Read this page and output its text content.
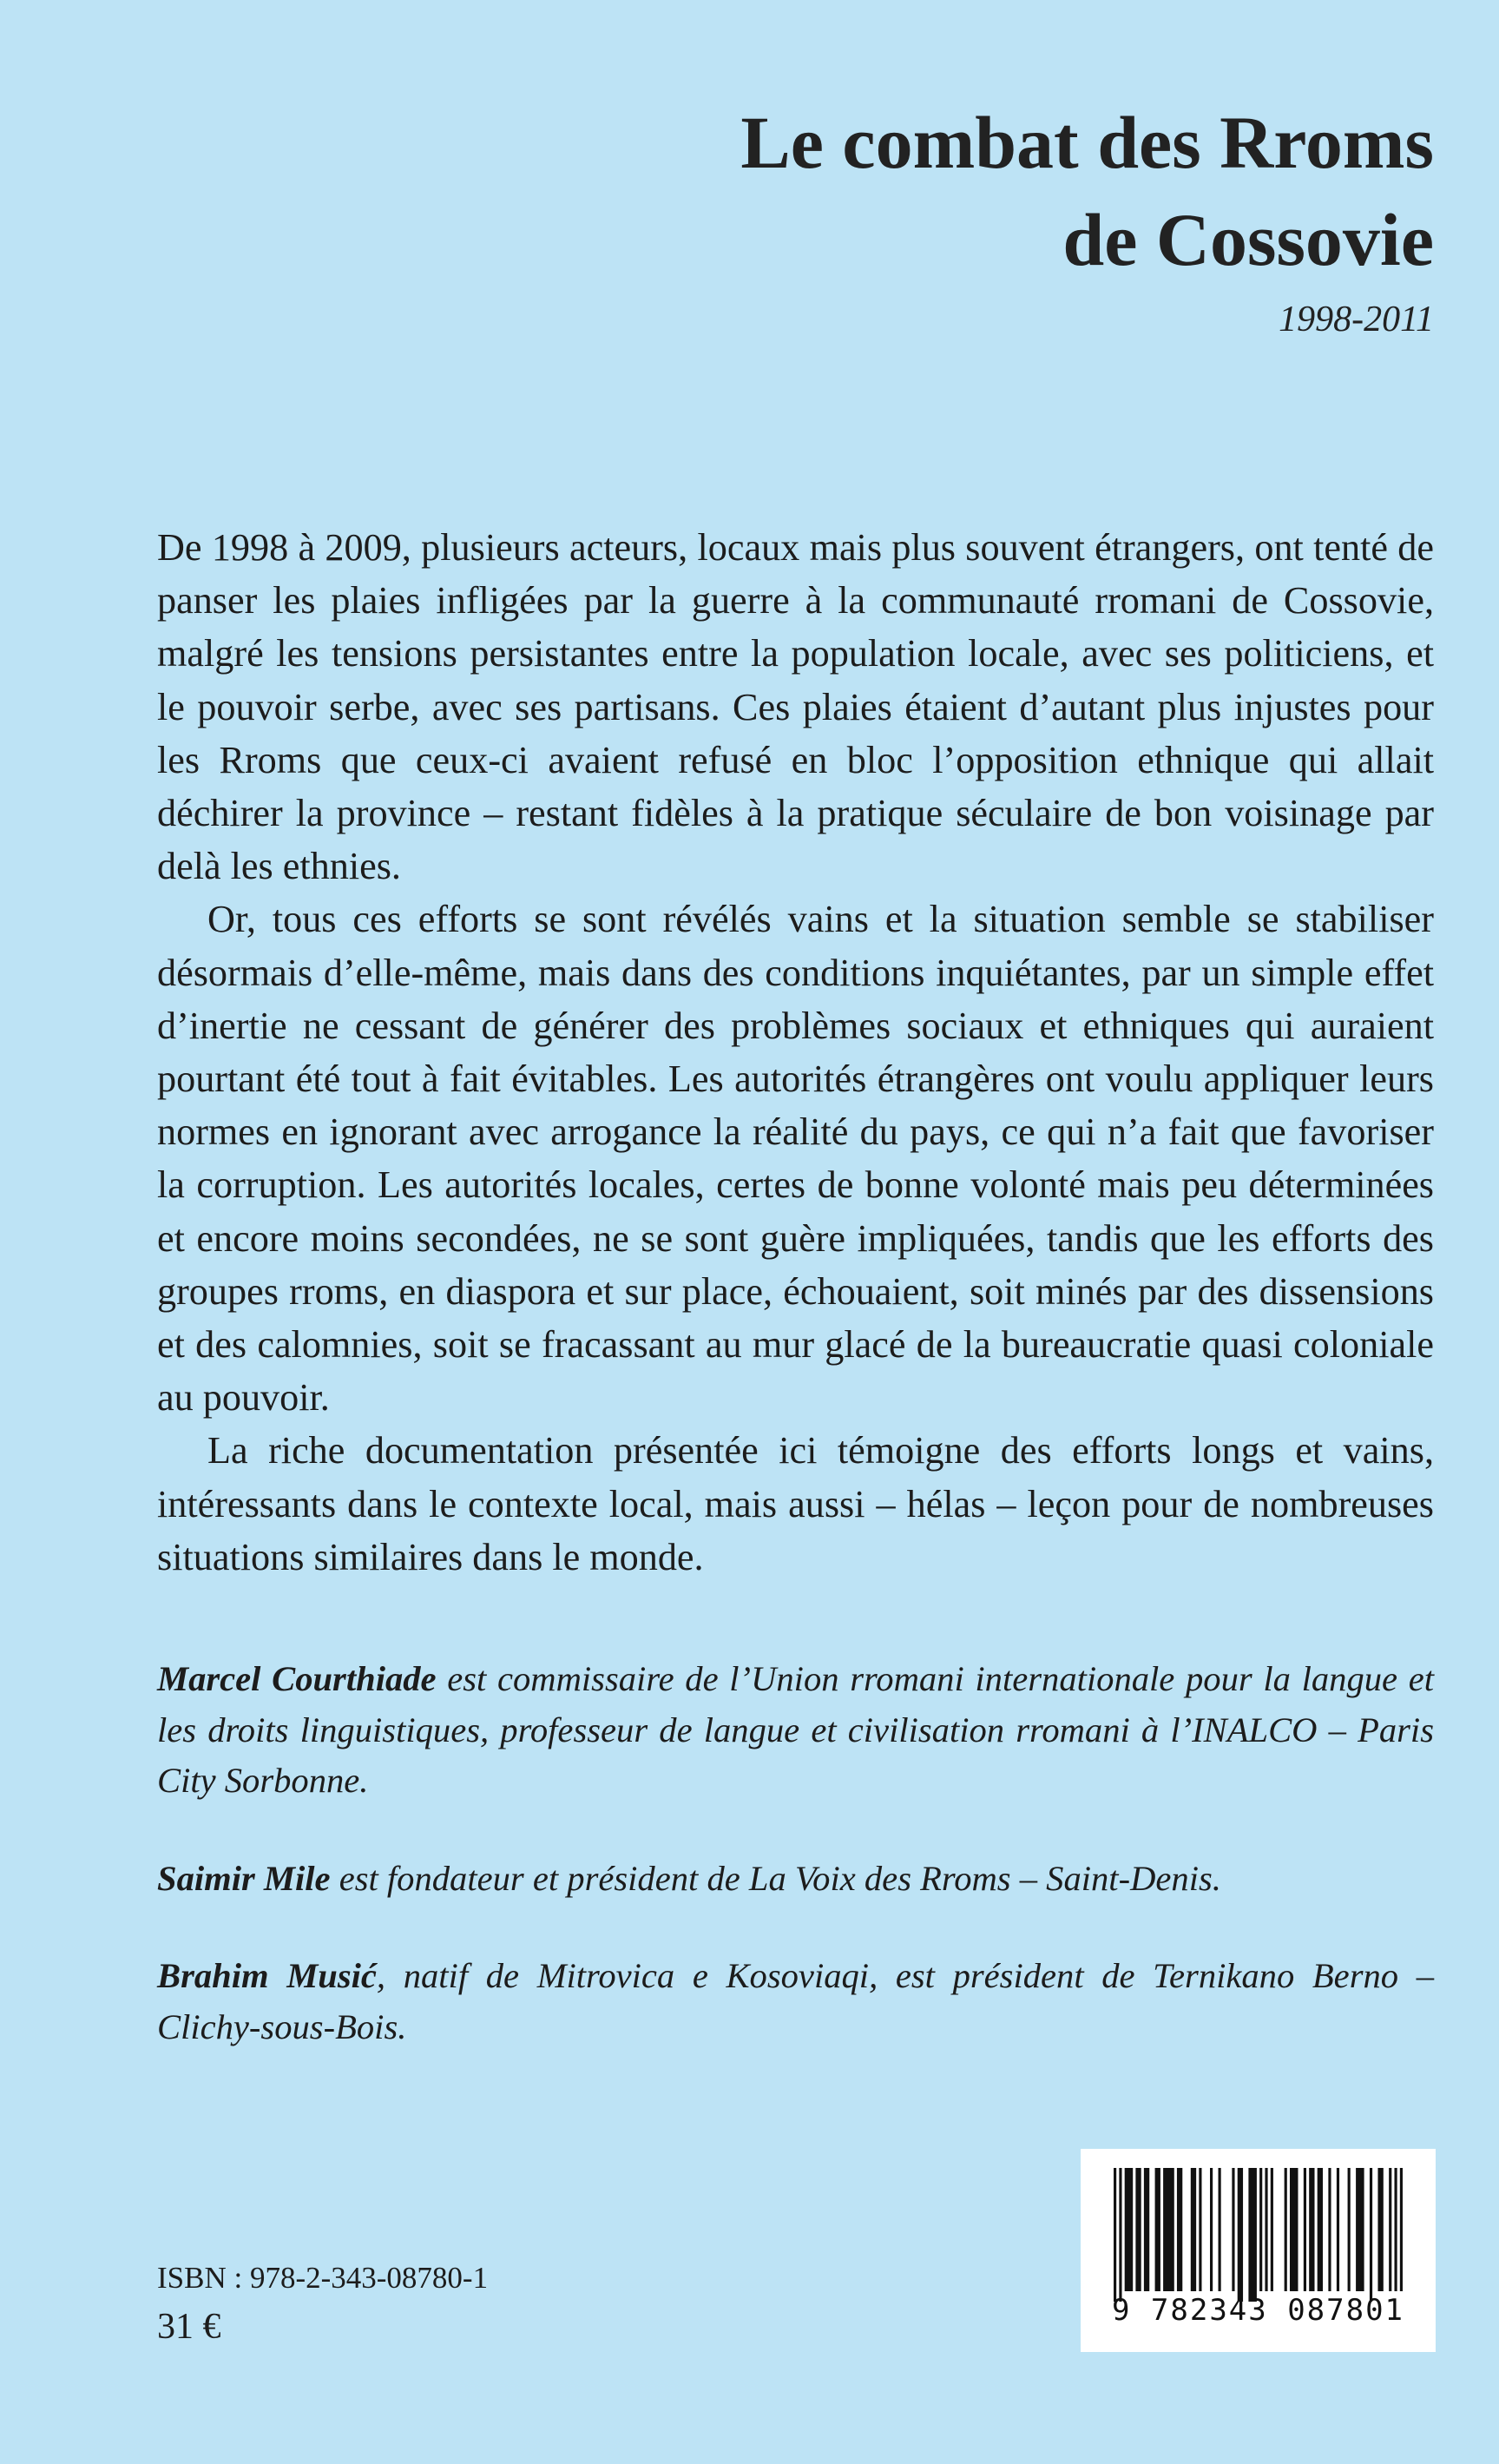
Le combat des Rroms
de Cossovie
1998-2011

De 1998 à 2009, plusieurs acteurs, locaux mais plus souvent étrangers, ont tenté de panser les plaies infligées par la guerre à la communauté rromani de Cossovie, malgré les tensions persistantes entre la population locale, avec ses politiciens, et le pouvoir serbe, avec ses partisans. Ces plaies étaient d’autant plus injustes pour les Rroms que ceux-ci avaient refusé en bloc l’opposition ethnique qui allait déchirer la province – restant fidèles à la pratique séculaire de bon voisinage par delà les ethnies.

Or, tous ces efforts se sont révélés vains et la situation semble se stabiliser désormais d’elle-même, mais dans des conditions inquiétantes, par un simple effet d’inertie ne cessant de générer des problèmes sociaux et ethniques qui auraient pourtant été tout à fait évitables. Les autorités étrangères ont voulu appliquer leurs normes en ignorant avec arrogance la réalité du pays, ce qui n’a fait que favoriser la corruption. Les autorités locales, certes de bonne volonté mais peu déterminées et encore moins secondées, ne se sont guère impliquées, tandis que les efforts des groupes rroms, en diaspora et sur place, échouaient, soit minés par des dissensions et des calomnies, soit se fracassant au mur glacé de la bureaucratie quasi coloniale au pouvoir.

La riche documentation présentée ici témoigne des efforts longs et vains, intéressants dans le contexte local, mais aussi – hélas – leçon pour de nombreuses situations similaires dans le monde.

Marcel Courthiade est commissaire de l’Union rromani internationale pour la langue et les droits linguistiques, professeur de langue et civilisation rromani à l’INALCO – Paris City Sorbonne.

Saimir Mile est fondateur et président de La Voix des Rroms – Saint-Denis.

Brahim Musić, natif de Mitrovica e Kosoviaqi, est président de Ternikano Berno – Clichy-sous-Bois.

ISBN : 978-2-343-08780-1
31 €	9 782343 087801
